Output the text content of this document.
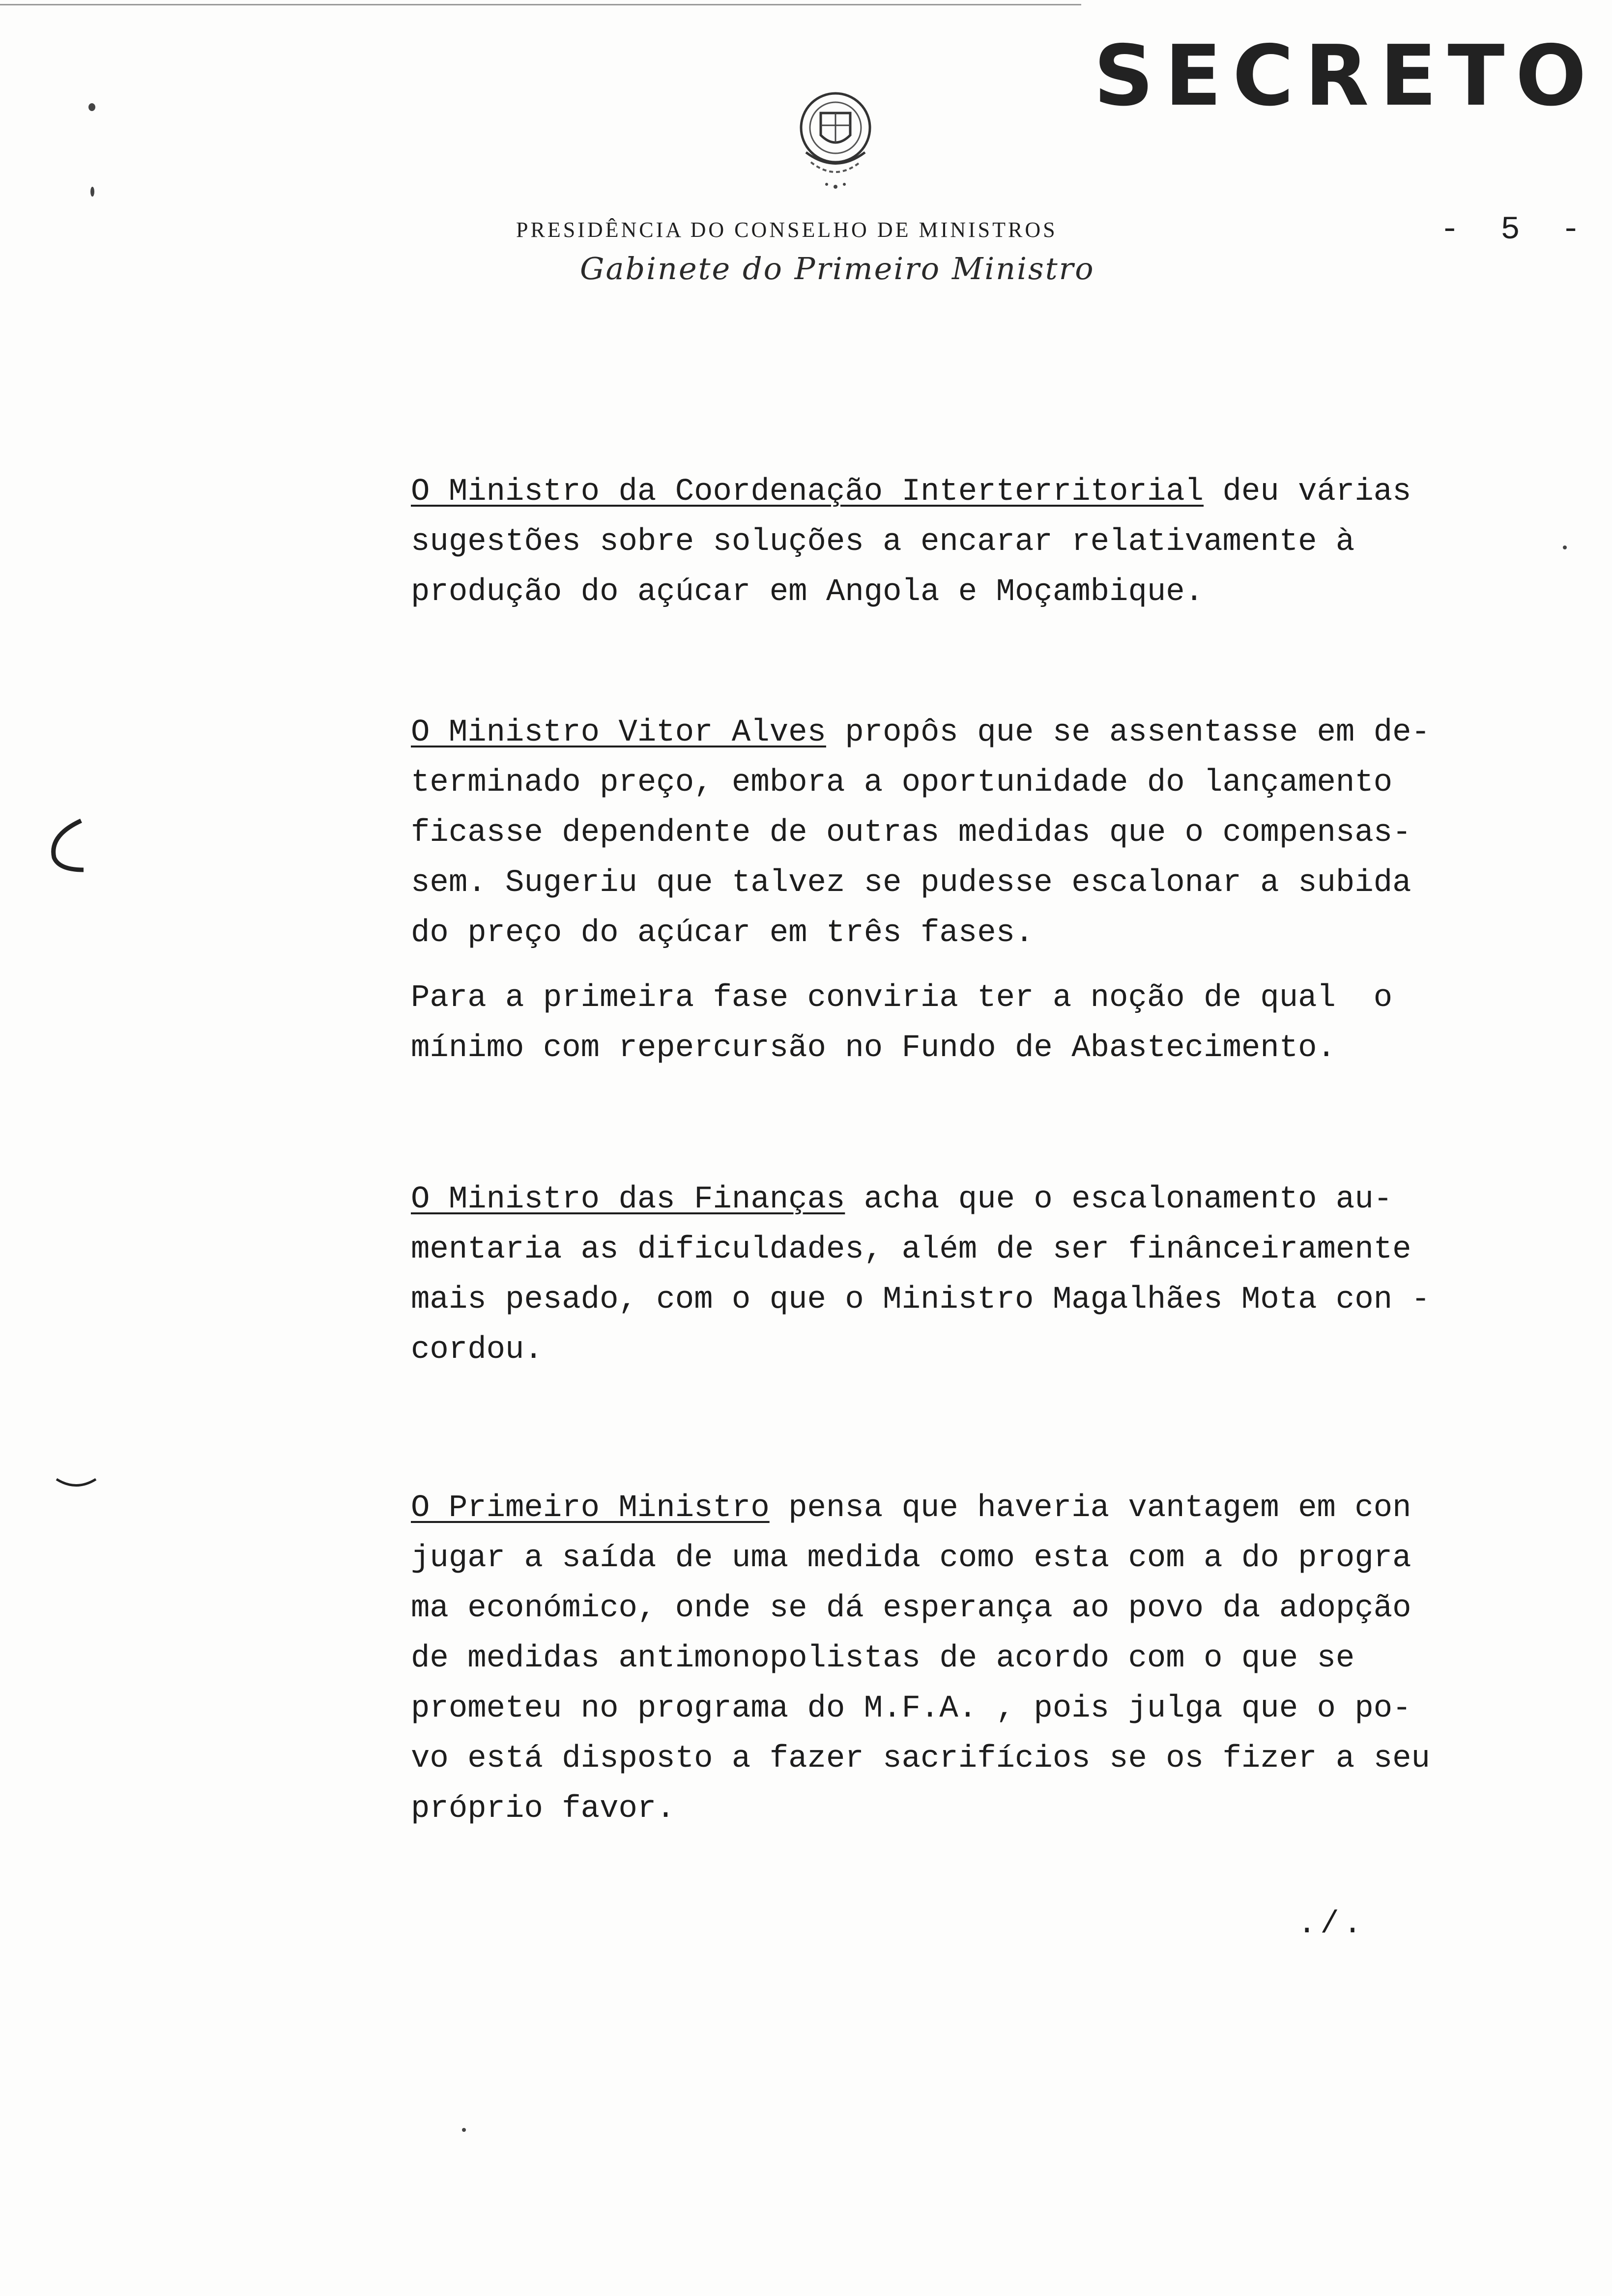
SECRETO
PRESIDÊNCIA DO CONSELHO DE MINISTROS	- 5 -
Gabinete do Primeiro Ministro
O Ministro da Coordenação Interterritorial deu várias
sugestões sobre soluções a encarar relativamente à
produção do açúcar em Angola e Moçambique.
O Ministro Vitor Alves propôs que se assentasse em de-
terminado preço, embora a oportunidade do lançamento
ficasse dependente de outras medidas que o compensas-
sem. Sugeriu que talvez se pudesse escalonar a subida
do preço do açúcar em três fases.
Para a primeira fase conviria ter a noção de qual  o
mínimo com repercursão no Fundo de Abastecimento.
O Ministro das Finanças acha que o escalonamento au-
mentaria as dificuldades, além de ser finânceiramente
mais pesado, com o que o Ministro Magalhães Mota con -
cordou.
O Primeiro Ministro pensa que haveria vantagem em con
jugar a saída de uma medida como esta com a do progra
ma económico, onde se dá esperança ao povo da adopção
de medidas antimonopolistas de acordo com o que se
prometeu no programa do M.F.A. , pois julga que o po-
vo está disposto a fazer sacrifícios se os fizer a seu
próprio favor.
./.
